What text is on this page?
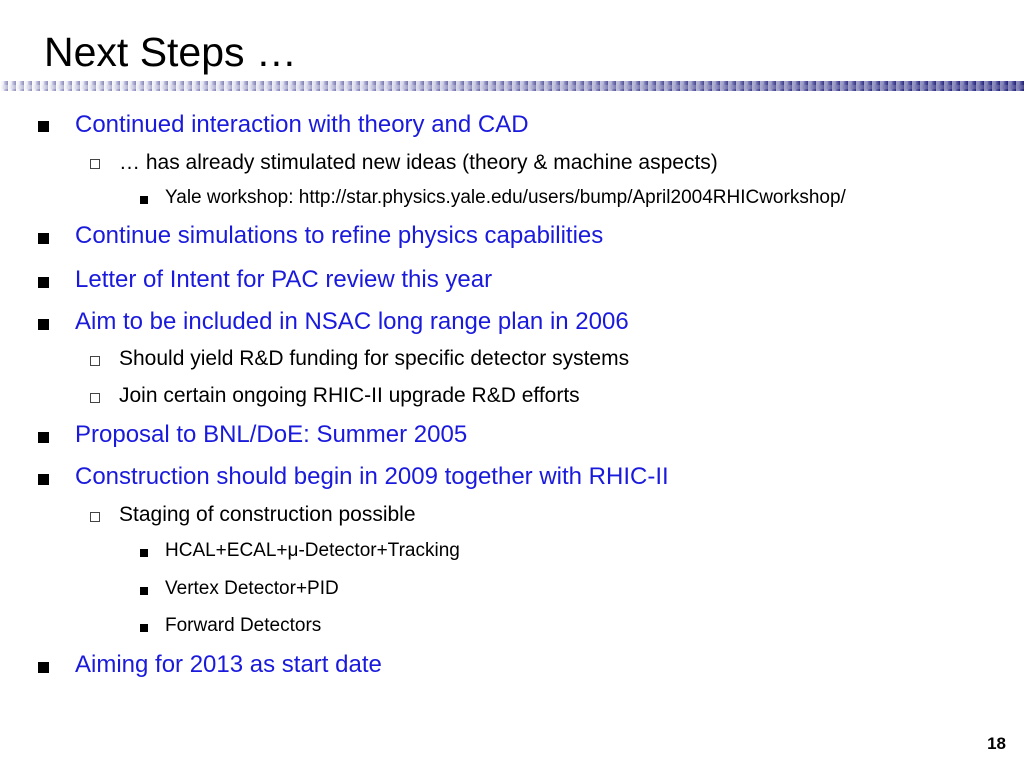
Next Steps …
Continued interaction with theory and CAD
… has already stimulated new ideas (theory & machine aspects)
Yale workshop: http://star.physics.yale.edu/users/bump/April2004RHICworkshop/
Continue simulations to refine physics capabilities
Letter of Intent for PAC review this year
Aim to be included in NSAC long range plan in 2006
Should yield R&D funding for specific detector systems
Join certain ongoing RHIC-II upgrade R&D efforts
Proposal to BNL/DoE: Summer 2005
Construction should begin in 2009 together with RHIC-II
Staging of construction possible
HCAL+ECAL+μ-Detector+Tracking
Vertex Detector+PID
Forward Detectors
Aiming for 2013 as start date
18
